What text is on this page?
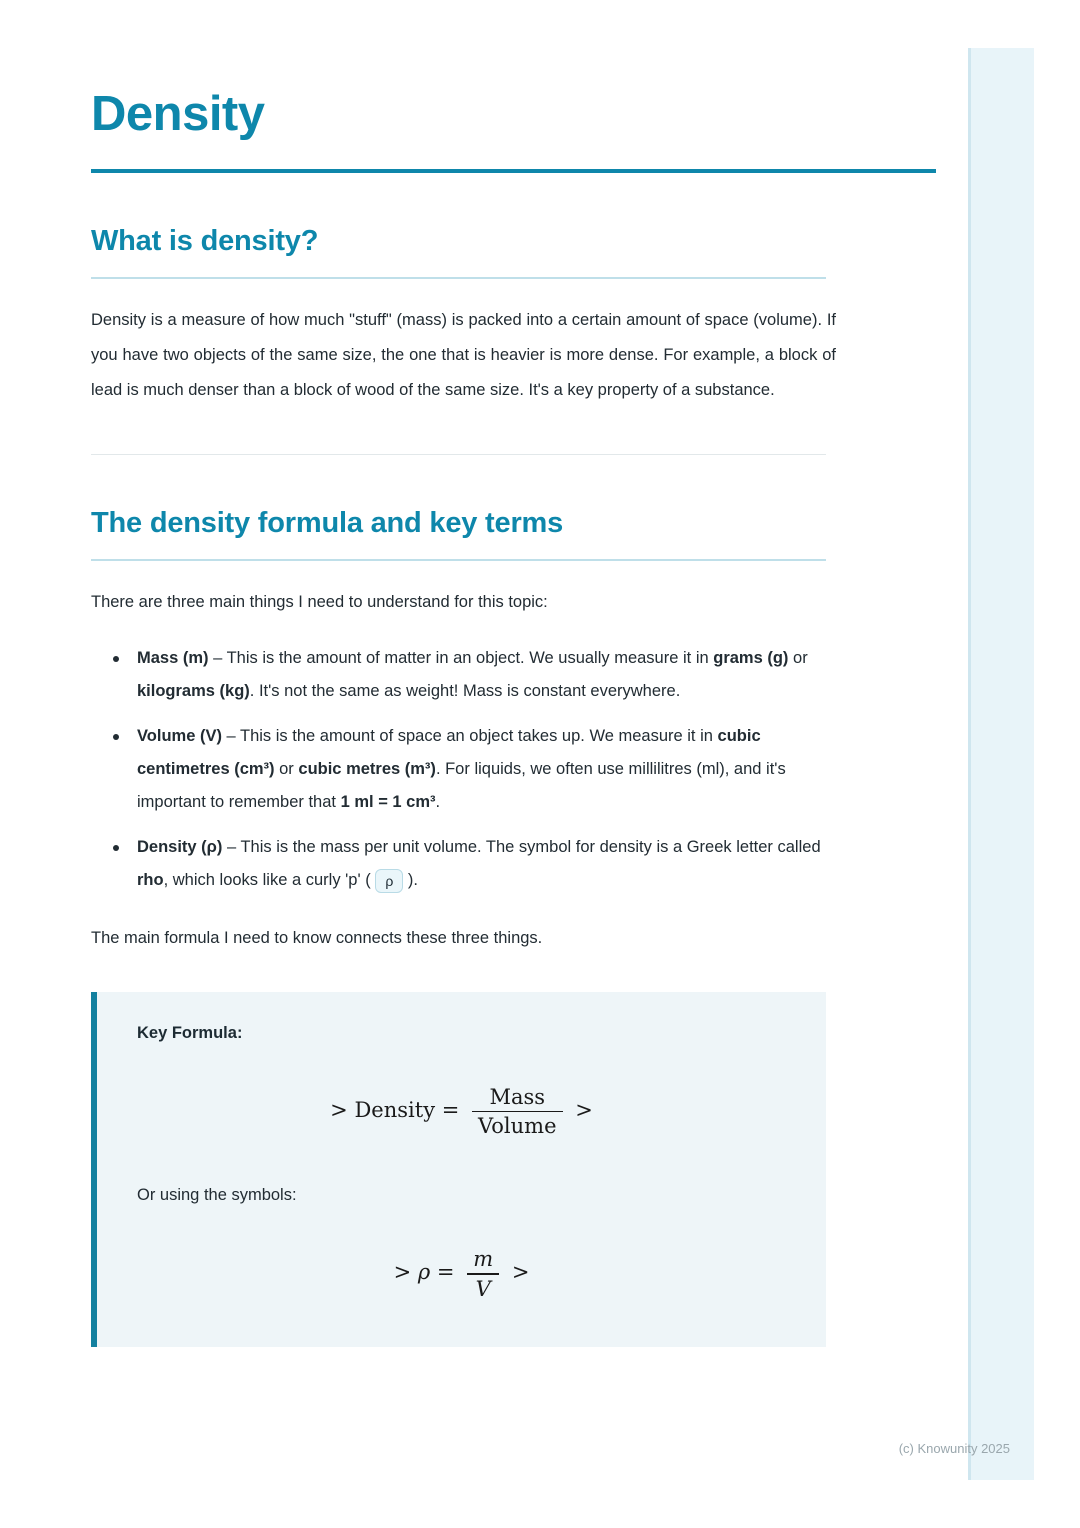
Density
What is density?

Density is a measure of how much "stuff" (mass) is packed into a certain amount of space (volume). If you have two objects of the same size, the one that is heavier is more dense. For example, a block of lead is much denser than a block of wood of the same size. It's a key property of a substance.

The density formula and key terms

There are three main things I need to understand for this topic:

Mass (m) – This is the amount of matter in an object. We usually measure it in grams (g) or kilograms (kg). It's not the same as weight! Mass is constant everywhere.
Volume (V) – This is the amount of space an object takes up. We measure it in cubic centimetres (cm³) or cubic metres (m³). For liquids, we often use millilitres (ml), and it's important to remember that 1 ml = 1 cm³.
Density (ρ) – This is the mass per unit volume. The symbol for density is a Greek letter called rho, which looks like a curly 'p' ( ρ ).

The main formula I need to know connects these three things.

Key Formula:
> Density = $\frac{\text{Mass}}{\text{Volume}}$ >
Or using the symbols:
> $\rho = \frac{m}{V}$ >
(c) Knowunity 2025
